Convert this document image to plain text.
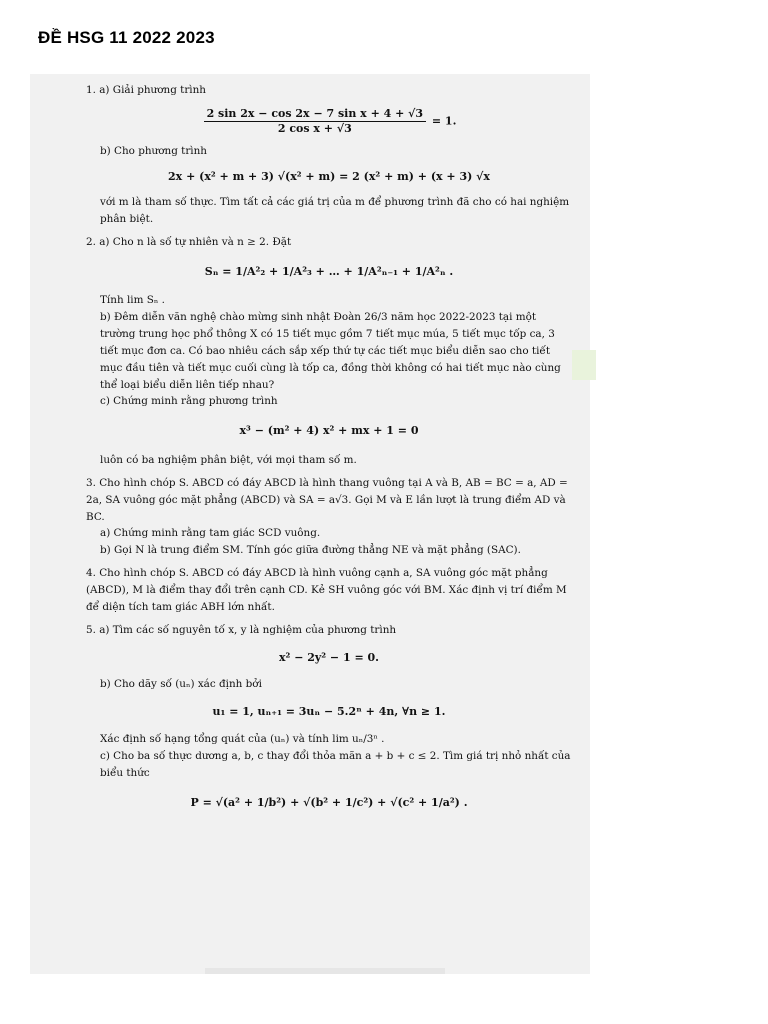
ĐỀ HSG 11 2022 2023

1. a) Giải phương trình

$\frac{\text{2 sin 2x − cos 2x − 7 sin x + 4 + √3}}{\text{2 cos x + √3}} = 1$.

b) Cho phương trình

2x + (x² + m + 3) √(x² + m) = 2 (x² + m) + (x + 3) √x

với m là tham số thực. Tìm tất cả các giá trị của m để phương trình đã cho có hai nghiệm phân biệt.

2. a) Cho n là số tự nhiên và n ≥ 2. Đặt

Sₙ = 1/A²₂ + 1/A²₃ + … + 1/A²ₙ₋₁ + 1/A²ₙ .

Tính lim Sₙ .

b) Đêm diễn văn nghệ chào mừng sinh nhật Đoàn 26/3 năm học 2022-2023 tại một trường trung học phổ thông X có 15 tiết mục gồm 7 tiết mục múa, 5 tiết mục tốp ca, 3 tiết mục đơn ca. Có bao nhiêu cách sắp xếp thứ tự các tiết mục biểu diễn sao cho tiết mục đầu tiên và tiết mục cuối cùng là tốp ca, đồng thời không có hai tiết mục nào cùng thể loại biểu diễn liên tiếp nhau?

c) Chứng minh rằng phương trình

x³ − (m² + 4) x² + mx + 1 = 0

luôn có ba nghiệm phân biệt, với mọi tham số m.

3. Cho hình chóp S. ABCD có đáy ABCD là hình thang vuông tại A và B, AB = BC = a, AD = 2a, SA vuông góc mặt phẳng (ABCD) và SA = a√3. Gọi M và E lần lượt là trung điểm AD và BC.

a) Chứng minh rằng tam giác SCD vuông.

b) Gọi N là trung điểm SM. Tính góc giữa đường thẳng NE và mặt phẳng (SAC).

4. Cho hình chóp S. ABCD có đáy ABCD là hình vuông cạnh a, SA vuông góc mặt phẳng (ABCD), M là điểm thay đổi trên cạnh CD. Kẻ SH vuông góc với BM. Xác định vị trí điểm M để diện tích tam giác ABH lớn nhất.

5. a) Tìm các số nguyên tố x, y là nghiệm của phương trình

x² − 2y² − 1 = 0.

b) Cho dãy số (uₙ) xác định bởi

u₁ = 1, uₙ₊₁ = 3uₙ − 5.2ⁿ + 4n, ∀n ≥ 1.

Xác định số hạng tổng quát của (uₙ) và tính lim uₙ/3ⁿ .

c) Cho ba số thực dương a, b, c thay đổi thỏa mãn a + b + c ≤ 2. Tìm giá trị nhỏ nhất của biểu thức

P = √(a² + 1/b²) + √(b² + 1/c²) + √(c² + 1/a²) .
